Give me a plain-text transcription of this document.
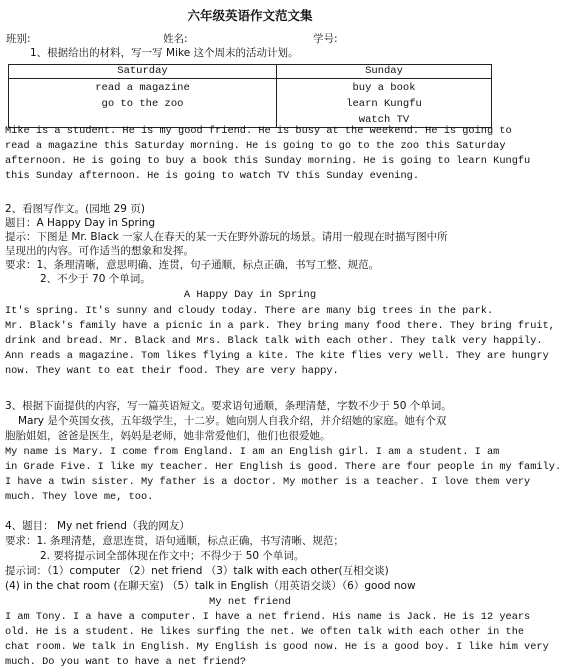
六年级英语作文范文集
班别:	姓名:	学号:
1、根据给出的材料，写一写 Mike 这个周末的活动计划。
Saturday	Sunday
read a magazine	buy a book
go to the zoo	learn Kungfu
	watch TV

Mike is a student. He is my good friend. He is busy at the weekend. He is going to

read a magazine this Saturday morning. He is going to go to the zoo this Saturday

afternoon. He is going to buy a book this Sunday morning. He is going to learn Kungfu

this Sunday afternoon. He is going to watch TV this Sunday evening.

2、看图写作文。(园地 29 页)
题目：A Happy Day in Spring
提示：下图是 Mr. Black 一家人在春天的某一天在野外游玩的场景。请用一般现在时描写图中所
呈现出的内容。可作适当的想象和发挥。
要求：1、条理清晰，意思明确、连贯，句子通顺，标点正确，书写工整、规范。
2、不少于 70 个单词。
A Happy Day in Spring

It's spring. It's sunny and cloudy today. There are many big trees in the park.

Mr. Black's family have a picnic in a park. They bring many food there. They bring fruit,

drink and bread. Mr. Black and Mrs. Black talk with each other. They talk very happily.

Ann reads a magazine. Tom likes flying a kite. The kite flies very well. They are hungry

now. They want to eat their food. They are very happy.

3、根据下面提供的内容，写一篇英语短文。要求语句通顺，条理清楚，字数不少于 50 个单词。
Mary 是个英国女孩，五年级学生，十二岁。她向别人自我介绍，并介绍她的家庭。她有个双
胞胎姐姐，爸爸是医生，妈妈是老师，她非常爱他们，他们也很爱她。

My name is Mary. I come from England. I am an English girl. I am a student. I am

in Grade Five. I like my teacher. Her English is good. There are four people in my family.

I have a twin sister. My father is a doctor. My mother is a teacher. I love them very

much. They love me, too.

4、题目： My net friend（我的网友）
要求：1. 条理清楚，意思连贯，语句通顺，标点正确，书写清晰、规范；
2. 要将提示词全部体现在作文中；不得少于 50 个单词。
提示词：（1）computer （2）net friend （3）talk with each other(互相交谈)
(4) in the chat room (在聊天室) （5）talk in English（用英语交谈）（6）good now
My net friend

I am Tony. I a have a computer. I have a net friend. His name is Jack. He is 12 years

old. He is a student. He likes surfing the net. We often talk with each other in the

chat room. We talk in English. My English is good now. He is a good boy. I like him very

much. Do you want to have a net friend?
